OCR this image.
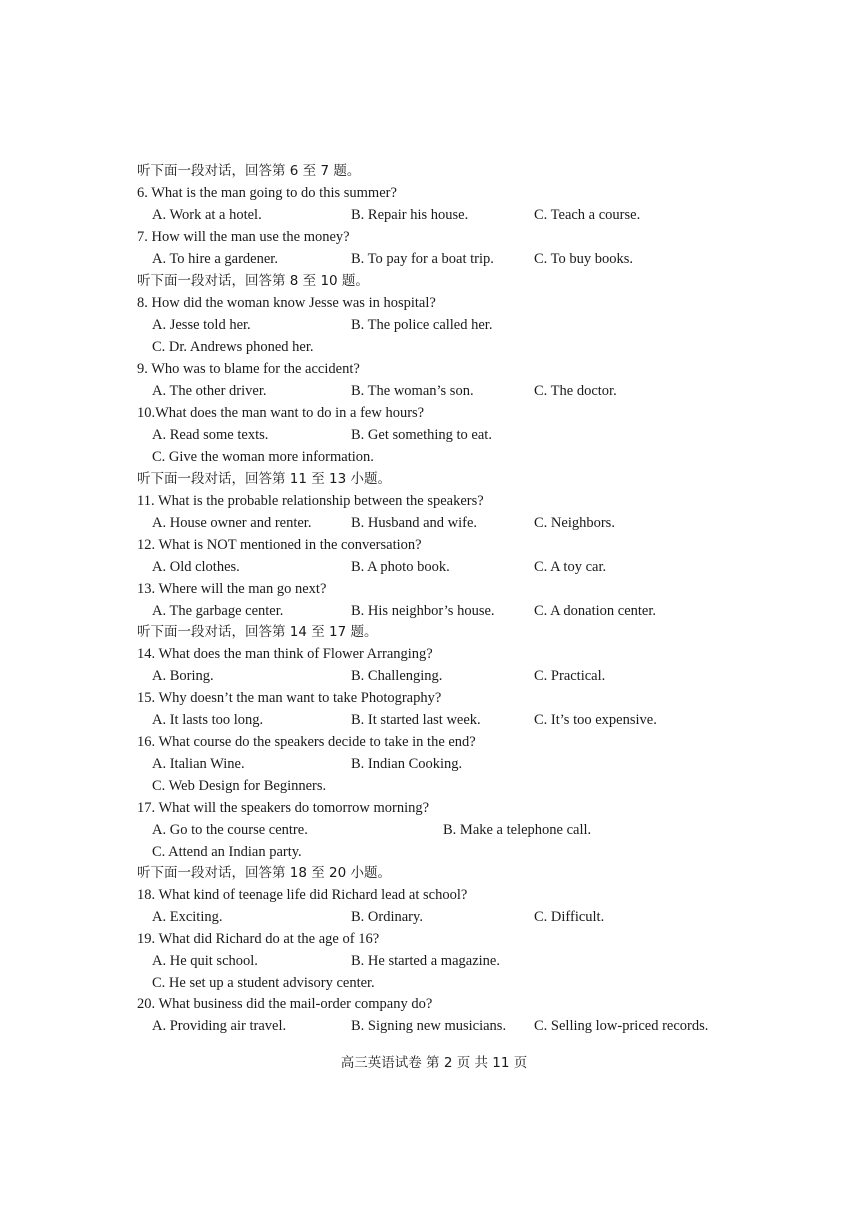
听下面一段对话，回答第 6 至 7 题。
6. What is the man going to do this summer?
A. Work at a hotel.	B. Repair his house.	C. Teach a course.
7. How will the man use the money?
A. To hire a gardener.	B. To pay for a boat trip.	C. To buy books.
听下面一段对话，回答第 8 至 10 题。
8. How did the woman know Jesse was in hospital?
A. Jesse told her.	B. The police called her.
C. Dr. Andrews phoned her.
9. Who was to blame for the accident?
A. The other driver.	B. The woman’s son.	C. The doctor.
10.What does the man want to do in a few hours?
A. Read some texts.	B. Get something to eat.
C. Give the woman more information.
听下面一段对话，回答第 11 至 13 小题。
11. What is the probable relationship between the speakers?
A. House owner and renter.	B. Husband and wife.	C. Neighbors.
12. What is NOT mentioned in the conversation?
A. Old clothes.	B. A photo book.	C. A toy car.
13. Where will the man go next?
A. The garbage center.	B. His neighbor’s house.	C. A donation center.
听下面一段对话，回答第 14 至 17 题。
14. What does the man think of Flower Arranging?
A. Boring.	B. Challenging.	C. Practical.
15. Why doesn’t the man want to take Photography?
A. It lasts too long.	B. It started last week.	C. It’s too expensive.
16. What course do the speakers decide to take in the end?
A. Italian Wine.	B. Indian Cooking.
C. Web Design for Beginners.
17. What will the speakers do tomorrow morning?
A. Go to the course centre.	B. Make a telephone call.
C. Attend an Indian party.
听下面一段对话，回答第 18 至 20 小题。
18. What kind of teenage life did Richard lead at school?
A. Exciting.	B. Ordinary.	C. Difficult.
19. What did Richard do at the age of 16?
A. He quit school.	B. He started a magazine.
C. He set up a student advisory center.
20. What business did the mail-order company do?
A. Providing air travel.	B. Signing new musicians. C. Selling low-priced records.
高三英语试卷 第 2 页 共 11 页
